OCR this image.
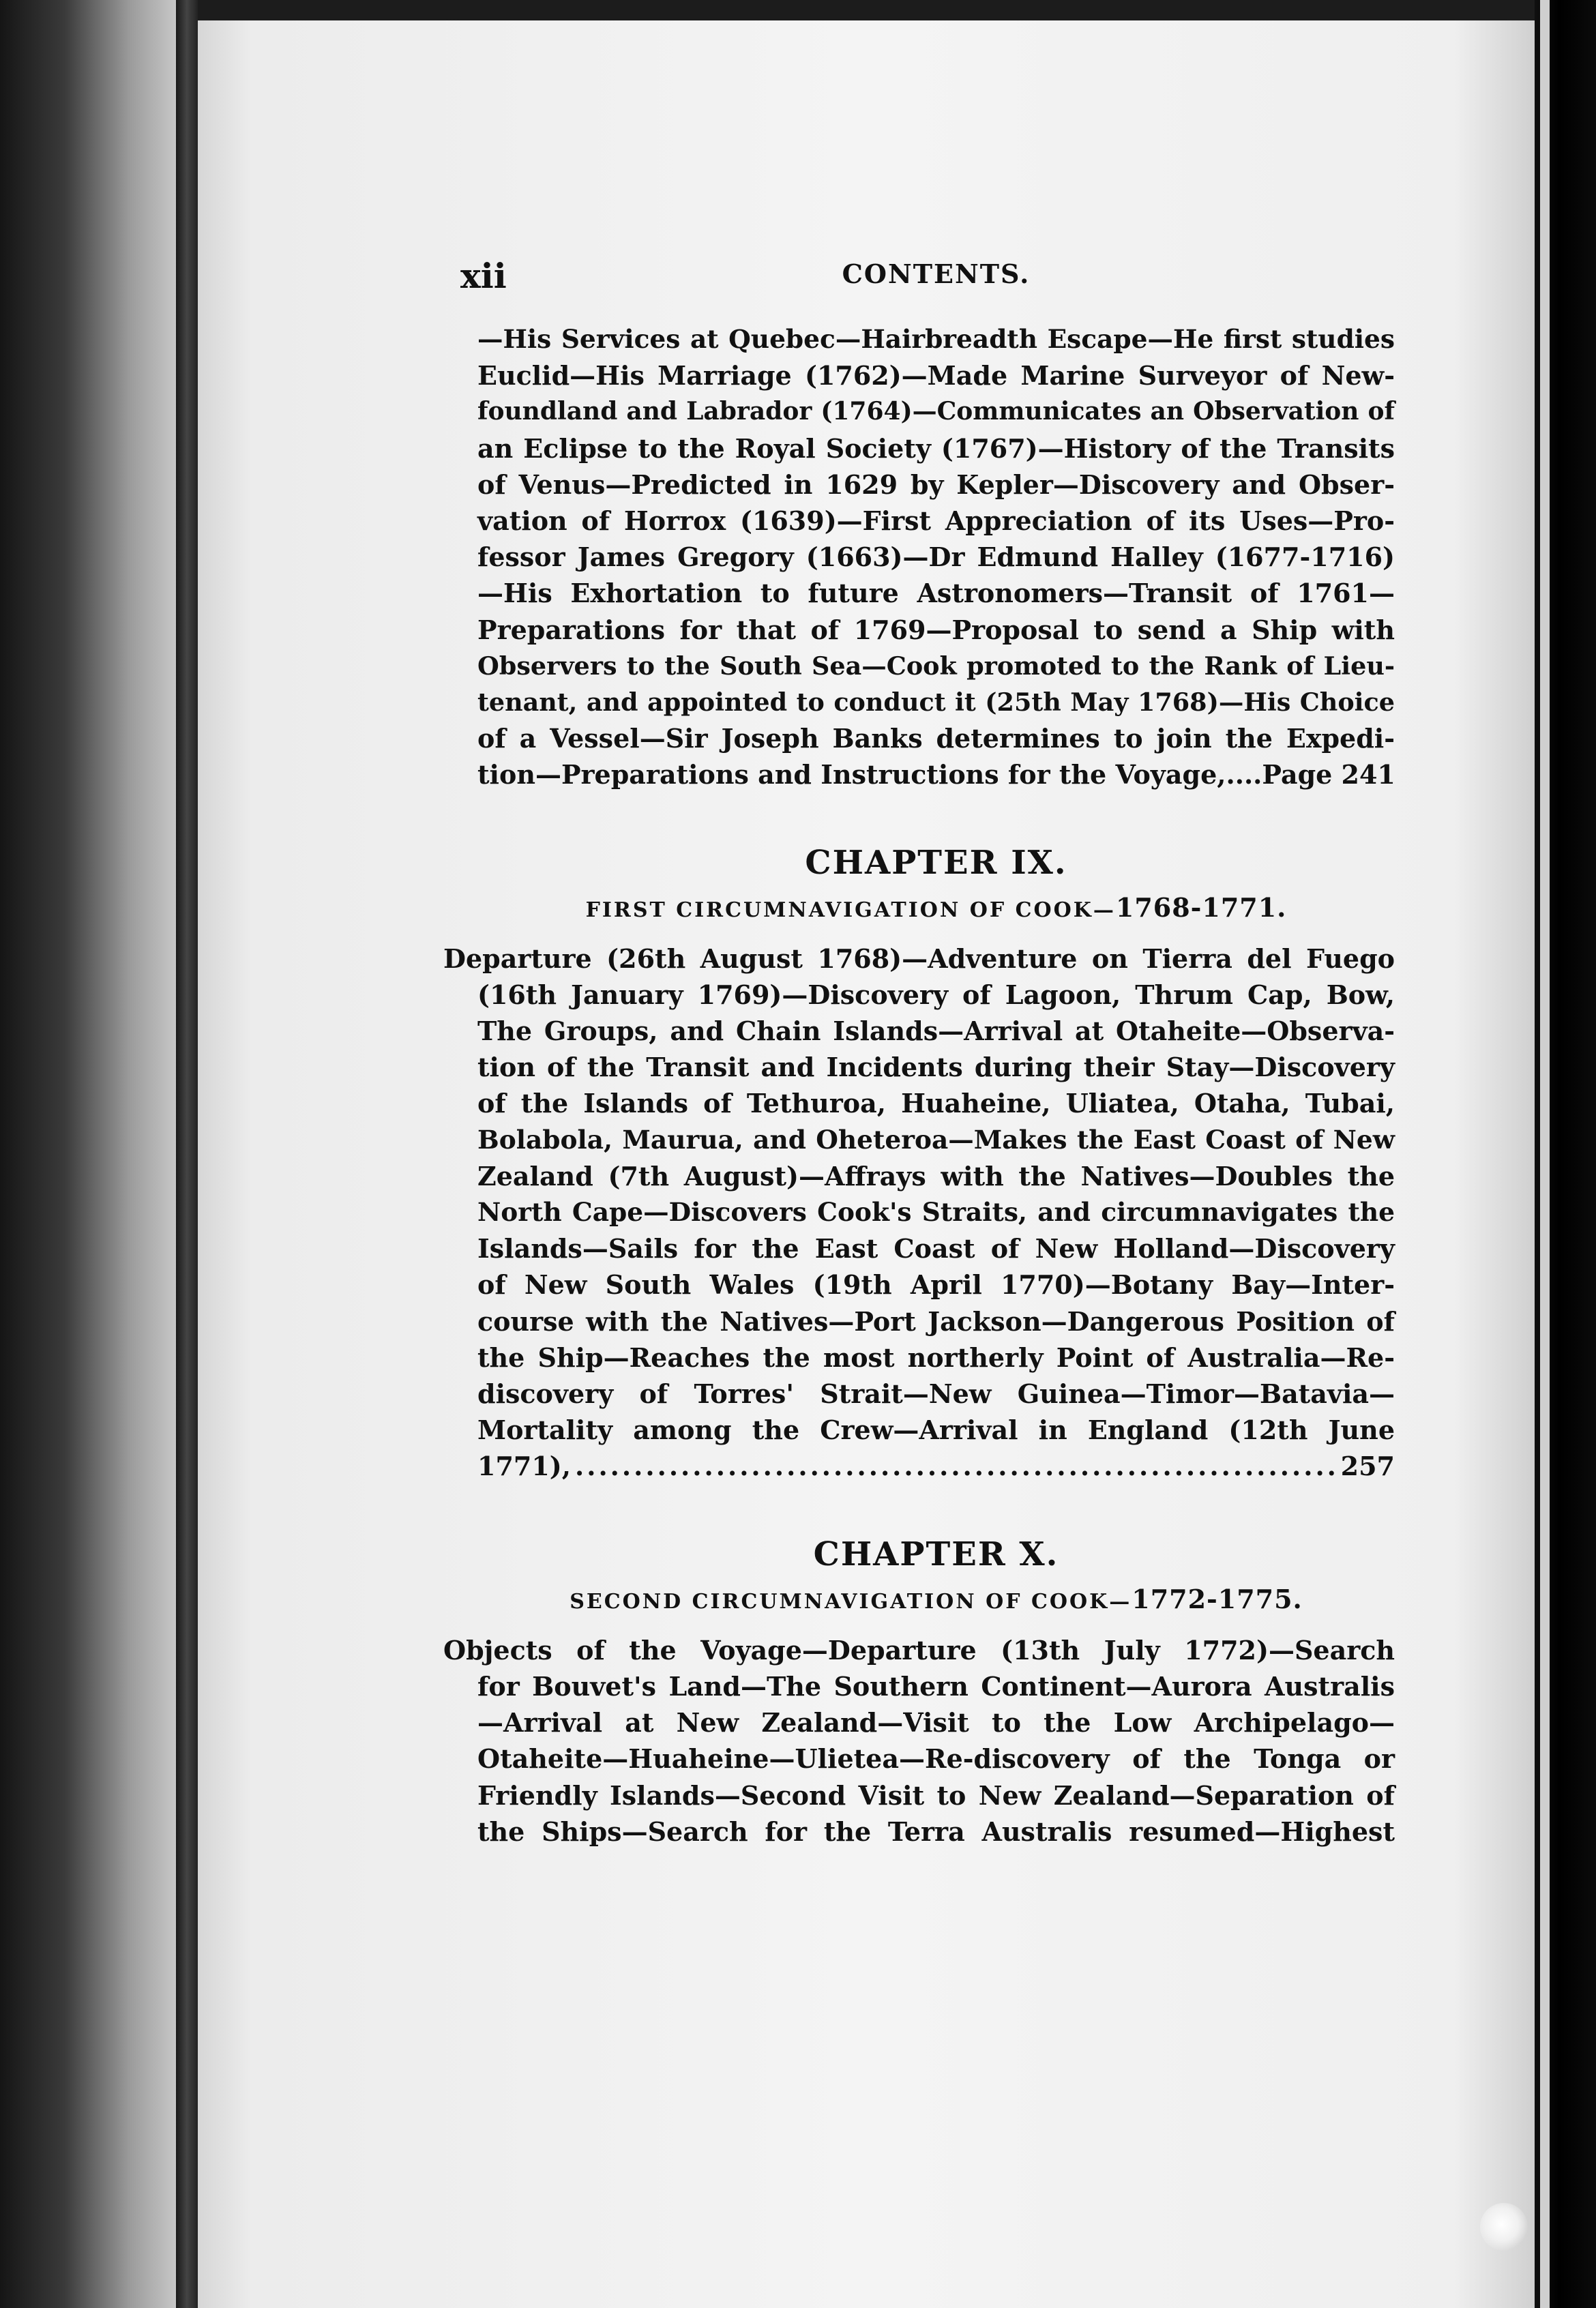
xii	CONTENTS.

—His Services at Quebec—Hairbreadth Escape—He first studies
Euclid—His Marriage (1762)—Made Marine Surveyor of New-
foundland and Labrador (1764)—Communicates an Observation of
an Eclipse to the Royal Society (1767)—History of the Transits
of Venus—Predicted in 1629 by Kepler—Discovery and Obser-
vation of Horrox (1639)—First Appreciation of its Uses—Pro-
fessor James Gregory (1663)—Dr Edmund Halley (1677-1716)
—His Exhortation to future Astronomers—Transit of 1761—
Preparations for that of 1769—Proposal to send a Ship with
Observers to the South Sea—Cook promoted to the Rank of Lieu-
tenant, and appointed to conduct it (25th May 1768)—His Choice
of a Vessel—Sir Joseph Banks determines to join the Expedi-
tion—Preparations and Instructions for the Voyage, ....Page 241

CHAPTER IX.
FIRST CIRCUMNAVIGATION OF COOK—1768-1771.

Departure (26th August 1768)—Adventure on Tierra del Fuego
(16th January 1769)—Discovery of Lagoon, Thrum Cap, Bow,
The Groups, and Chain Islands—Arrival at Otaheite—Observa-
tion of the Transit and Incidents during their Stay—Discovery
of the Islands of Tethuroa, Huaheine, Uliatea, Otaha, Tubai,
Bolabola, Maurua, and Oheteroa—Makes the East Coast of New
Zealand (7th August)—Affrays with the Natives—Doubles the
North Cape—Discovers Cook's Straits, and circumnavigates the
Islands—Sails for the East Coast of New Holland—Discovery
of New South Wales (19th April 1770)—Botany Bay—Inter-
course with the Natives—Port Jackson—Dangerous Position of
the Ship—Reaches the most northerly Point of Australia—Re-
discovery of Torres' Strait—New Guinea—Timor—Batavia—
Mortality among the Crew—Arrival in England (12th June
1771),
.....	257

CHAPTER X.
SECOND CIRCUMNAVIGATION OF COOK—1772-1775.

Objects of the Voyage—Departure (13th July 1772)—Search
for Bouvet's Land—The Southern Continent—Aurora Australis
—Arrival at New Zealand—Visit to the Low Archipelago—
Otaheite—Huaheine—Ulietea—Re-discovery of the Tonga or
Friendly Islands—Second Visit to New Zealand—Separation of
the Ships—Search for the Terra Australis resumed—Highest
